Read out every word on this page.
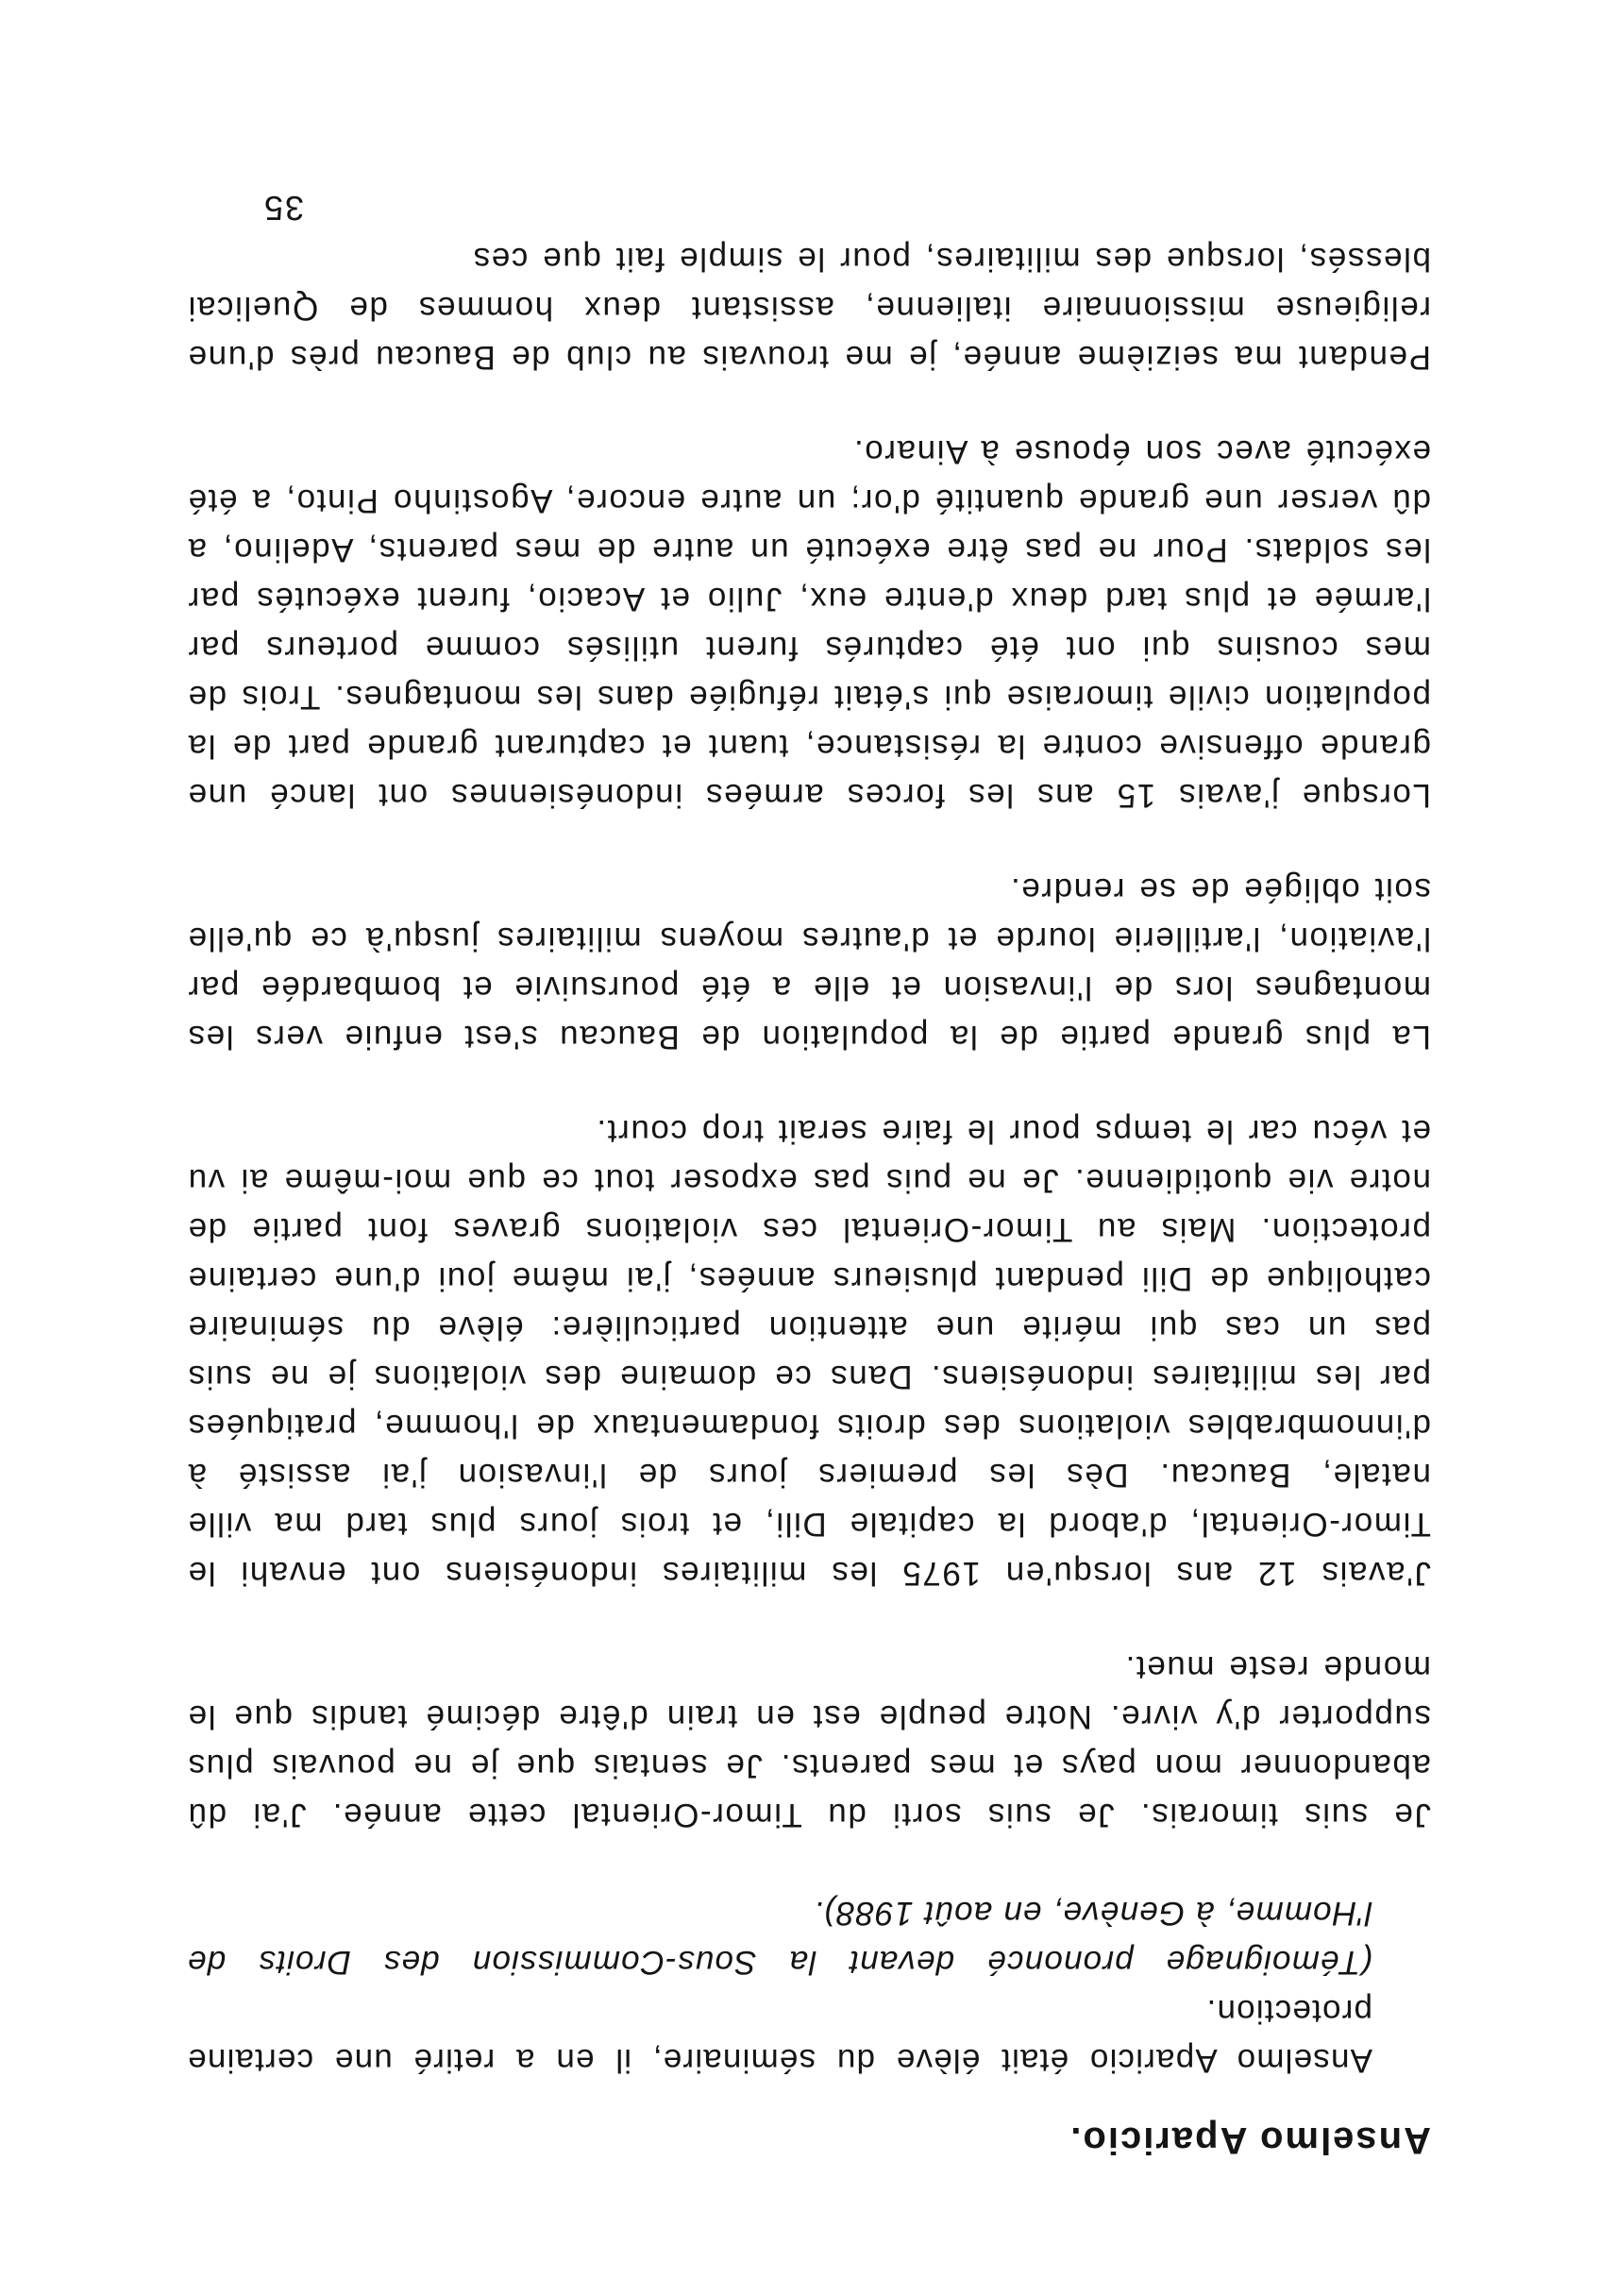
Anselmo Aparicio.
Anselmo Aparicio était élève du séminaire, il en a retiré une certaine protection.
(Témoignage prononcé devant la Sous-Commission des Droits de l'Homme, à Genève, en août 1988).

Je suis timorais. Je suis sorti du Timor-Oriental cette année. J'ai dû abandonner mon pays et mes parents. Je sentais que je ne pouvais plus supporter d'y vivre. Notre peuple est en train d'être décimé tandis que le monde reste muet.

J'avais 12 ans lorsqu'en 1975 les militaires indonésiens ont envahi le Timor-Oriental, d'abord la capitale Dili, et trois jours plus tard ma ville natale, Baucau. Dès les premiers jours de l'invasion j'ai assisté à d'innombrables violations des droits fondamentaux de l'homme, pratiquées par les militaires indonésiens. Dans ce domaine des violations je ne suis pas un cas qui mérite une attention particulière: élève du séminaire catholique de Dili pendant plusieurs années, j'ai même joui d'une certaine protection. Mais au Timor-Oriental ces violations graves font partie de notre vie quotidienne. Je ne puis pas exposer tout ce que moi-même ai vu et vécu car le temps pour le faire serait trop court.

La plus grande partie de la population de Baucau s'est enfuie vers les montagnes lors de l'invasion et elle a été poursuivie et bombardée par l'aviation, l'artillerie lourde et d'autres moyens militaires jusqu'à ce qu'elle soit obligée de se rendre.

Lorsque j'avais 15 ans les forces armées indonésiennes ont lancé une grande offensive contre la résistance, tuant et capturant grande part de la population civile timoraise qui s'était réfugiée dans les montagnes. Trois de mes cousins qui ont été capturés furent utilisés comme porteurs par l'armée et plus tard deux d'entre eux, Julio et Acacio, furent exécutés par les soldats. Pour ne pas être exécuté un autre de mes parents, Adelino, a dû verser une grande quantité d'or; un autre encore, Agostinho Pinto, a été exécuté avec son épouse à Ainaro.

Pendant ma seizième année, je me trouvais au club de Baucau près d'une religieuse missionnaire italienne, assistant deux hommes de Quelicai blessés, lorsque des militaires, pour le simple fait que ces

35
